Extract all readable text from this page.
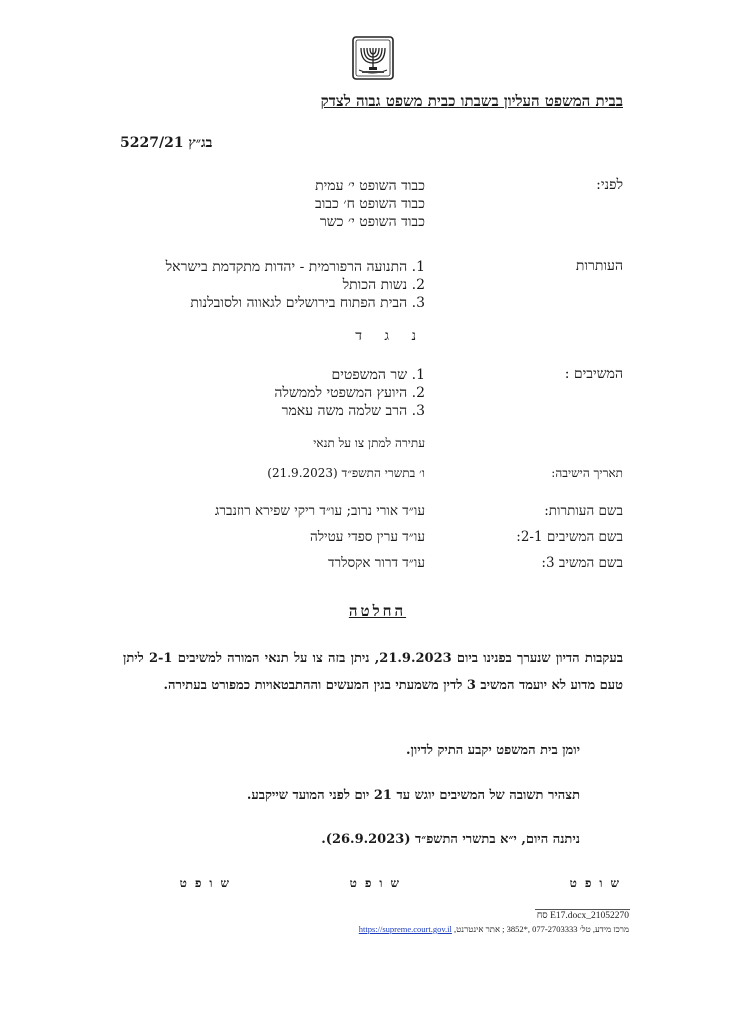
בבית המשפט העליון בשבתו כבית משפט גבוה לצדק
בג״ץ 5227/21
לפני:
כבוד השופט י׳ עמית
כבוד השופט ח׳ כבוב
כבוד השופט י׳ כשר
העותרות
1. התנועה הרפורמית - יהדות מתקדמת בישראל
2. נשות הכותל
3. הבית הפתוח בירושלים לגאווה ולסובלנות
נ ג ד
המשיבים :
1. שר המשפטים
2. היועץ המשפטי לממשלה
3. הרב שלמה משה עאמר
עתירה למתן צו על תנאי
תאריך הישיבה:
ו׳ בתשרי התשפ״ד (21.9.2023)
בשם העותרות:
עו״ד אורי נרוב; עו״ד ריקי שפירא רוזנברג
בשם המשיבים 2-1:
עו״ד ערין ספדי עטילה
בשם המשיב 3:
עו״ד דרור אקסלרד
החלטה
בעקבות הדיון שנערך בפנינו ביום 21.9.2023, ניתן בזה צו על תנאי המורה למשיבים 2-1 ליתן טעם מדוע לא יועמד המשיב 3 לדין משמעתי בגין המעשים וההתבטאויות כמפורט בעתירה.
יומן בית המשפט יקבע התיק לדיון.
תצהיר תשובה של המשיבים יוגש עד 21 יום לפני המועד שייקבע.
ניתנה היום, י״א בתשרי התשפ״ד (26.9.2023).
שופט
שופט
שופט
21052270_E17.docx סח
מרכז מידע, טל׳ 077-2703333 ,*3852 ; אתר אינטרנט, https://supreme.court.gov.il
